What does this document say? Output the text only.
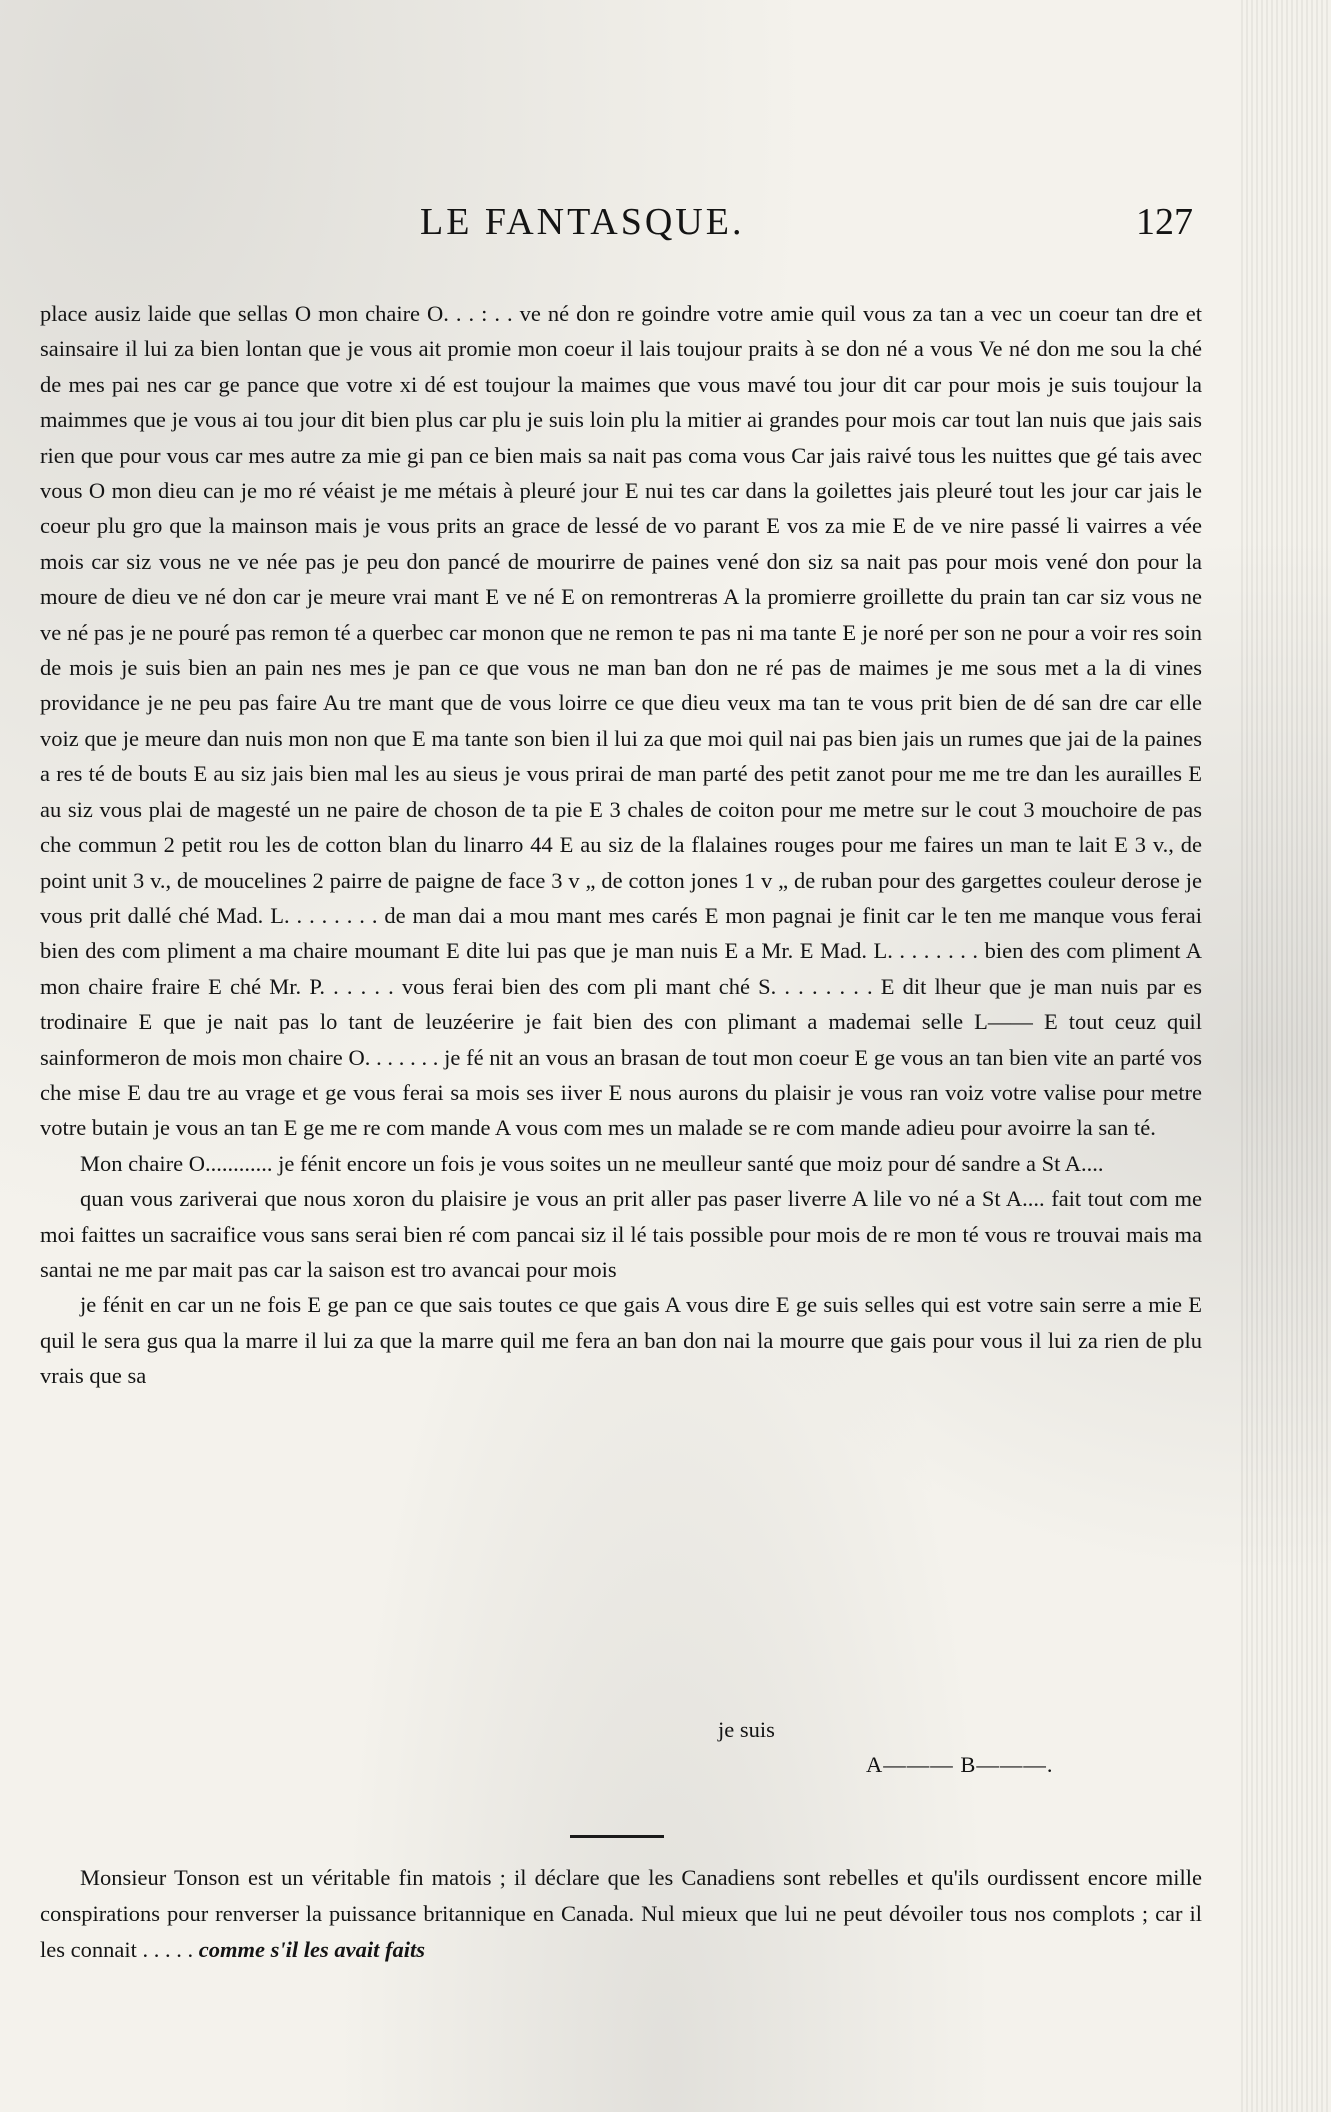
LE FANTASQUE.	127

place ausiz laide que sellas O mon chaire O. . . : . . ve né don re goindre votre amie quil vous za tan a vec un coeur tan dre et sainsaire il lui za bien lontan que je vous ait promie mon coeur il lais toujour praits à se don né a vous Ve né don me sou la ché de mes pai nes car ge pance que votre xi dé est toujour la maimes que vous mavé tou jour dit car pour mois je suis toujour la maimmes que je vous ai tou jour dit bien plus car plu je suis loin plu la mitier ai grandes pour mois car tout lan nuis que jais sais rien que pour vous car mes autre za mie gi pan ce bien mais sa nait pas coma vous Car jais raivé tous les nuittes que gé tais avec vous O mon dieu can je mo ré véaist je me métais à pleuré jour E nui tes car dans la goilettes jais pleuré tout les jour car jais le coeur plu gro que la mainson mais je vous prits an grace de lessé de vo parant E vos za mie E de ve nire passé li vairres a vée mois car siz vous ne ve née pas je peu don pancé de mourirre de paines vené don siz sa nait pas pour mois vené don pour la moure de dieu ve né don car je meure vrai mant E ve né E on remontreras A la promierre groillette du prain tan car siz vous ne ve né pas je ne pouré pas remon té a querbec car monon que ne remon te pas ni ma tante E je noré per son ne pour a voir res soin de mois je suis bien an pain nes mes je pan ce que vous ne man ban don ne ré pas de maimes je me sous met a la di vines providance je ne peu pas faire Au tre mant que de vous loirre ce que dieu veux ma tan te vous prit bien de dé san dre car elle voiz que je meure dan nuis mon non que E ma tante son bien il lui za que moi quil nai pas bien jais un rumes que jai de la paines a res té de bouts E au siz jais bien mal les au sieus je vous prirai de man parté des petit zanot pour me me tre dan les aurailles E au siz vous plai de magesté un ne paire de choson de ta pie E 3 chales de coiton pour me metre sur le cout 3 mouchoire de pas che commun 2 petit rou les de cotton blan du linarro 44 E au siz de la flalaines rouges pour me faires un man te lait E 3 v., de point unit 3 v., de moucelines 2 pairre de paigne de face 3 v „ de cotton jones 1 v „ de ruban pour des gargettes couleur derose je vous prit dallé ché Mad. L. . . . . . . . de man dai a mou mant mes carés E mon pagnai je finit car le ten me manque vous ferai bien des com pliment a ma chaire moumant E dite lui pas que je man nuis E a Mr. E Mad. L. . . . . . . . bien des com pliment A mon chaire fraire E ché Mr. P. . . . . . vous ferai bien des com pli mant ché S. . . . . . . . E dit lheur que je man nuis par es trodinaire E que je nait pas lo tant de leuzéerire je fait bien des con plimant a mademai selle L—— E tout ceuz quil sainformeron de mois mon chaire O. . . . . . . je fé nit an vous an brasan de tout mon coeur E ge vous an tan bien vite an parté vos che mise E dau tre au vrage et ge vous ferai sa mois ses iiver E nous aurons du plaisir je vous ran voiz votre valise pour metre votre butain je vous an tan E ge me re com mande A vous com mes un malade se re com mande adieu pour avoirre la san té.

Mon chaire O............ je fénit encore un fois je vous soites un ne meulleur santé que moiz pour dé sandre a St A....

quan vous zariverai que nous xoron du plaisire je vous an prit aller pas paser liverre A lile vo né a St A.... fait tout com me moi faittes un sacraifice vous sans serai bien ré com pancai siz il lé tais possible pour mois de re mon té vous re trouvai mais ma santai ne me par mait pas car la saison est tro avancai pour mois

je fénit en car un ne fois E ge pan ce que sais toutes ce que gais A vous dire E ge suis selles qui est votre sain serre a mie E quil le sera gus qua la marre il lui za que la marre quil me fera an ban don nai la mourre que gais pour vous il lui za rien de plu vrais que sa

je suis
A——— B———.

Monsieur Tonson est un véritable fin matois ; il déclare que les Canadiens sont rebelles et qu'ils ourdissent encore mille conspirations pour renverser la puissance britannique en Canada. Nul mieux que lui ne peut dévoiler tous nos complots ; car il les connait . . . . . comme s'il les avait faits
